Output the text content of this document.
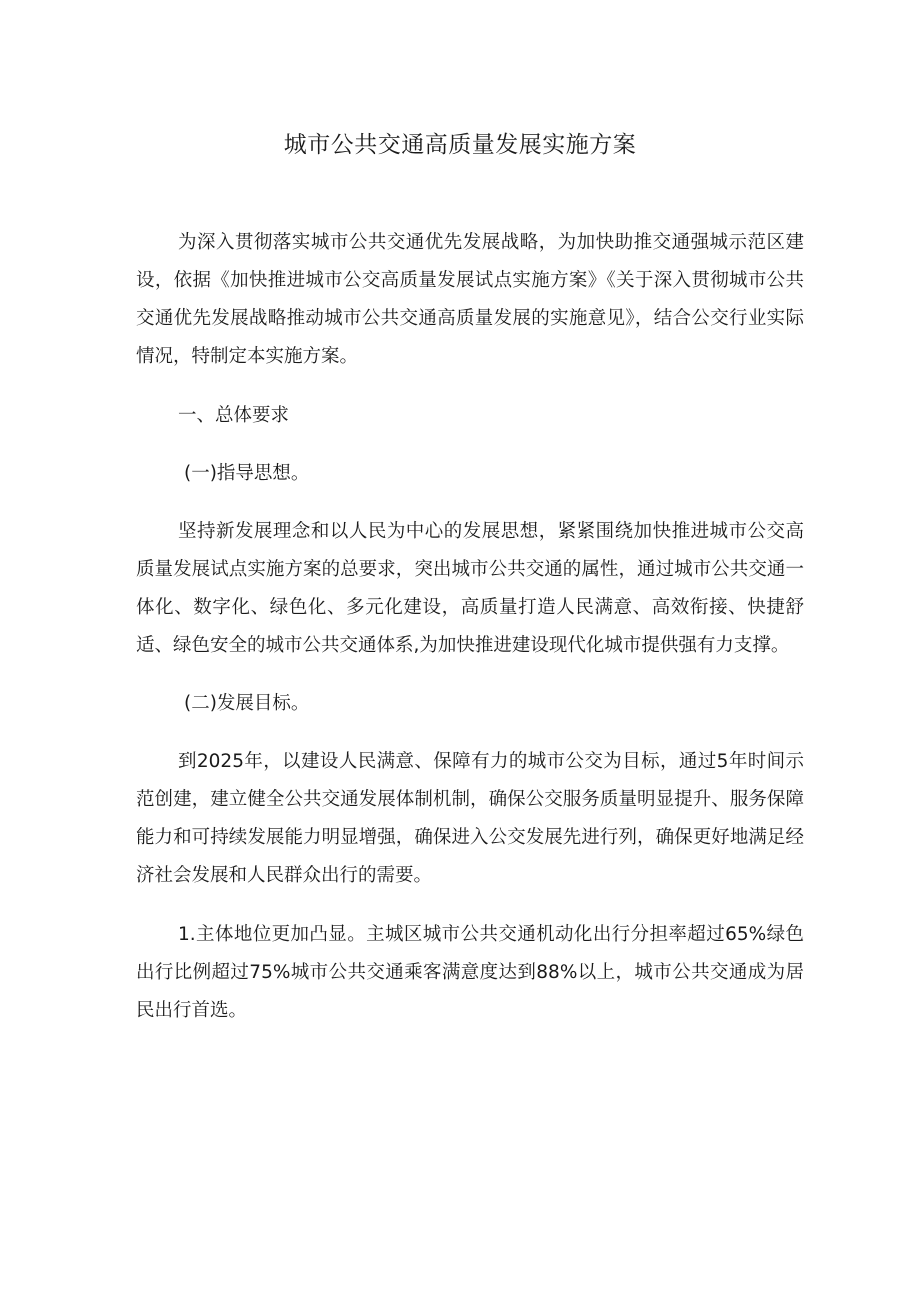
城市公共交通高质量发展实施方案

为深入贯彻落实城市公共交通优先发展战略，为加快助推交通强城示范区建设，依据《加快推进城市公交高质量发展试点实施方案》《关于深入贯彻城市公共交通优先发展战略推动城市公共交通高质量发展的实施意见》，结合公交行业实际情况，特制定本实施方案。

一、总体要求

(一)指导思想。

坚持新发展理念和以人民为中心的发展思想，紧紧围绕加快推进城市公交高质量发展试点实施方案的总要求，突出城市公共交通的属性，通过城市公共交通一体化、数字化、绿色化、多元化建设，高质量打造人民满意、高效衔接、快捷舒适、绿色安全的城市公共交通体系,为加快推进建设现代化城市提供强有力支撑。

(二)发展目标。

到2025年，以建设人民满意、保障有力的城市公交为目标，通过5年时间示范创建，建立健全公共交通发展体制机制，确保公交服务质量明显提升、服务保障能力和可持续发展能力明显增强，确保进入公交发展先进行列，确保更好地满足经济社会发展和人民群众出行的需要。

1.主体地位更加凸显。主城区城市公共交通机动化出行分担率超过65%绿色出行比例超过75%城市公共交通乘客满意度达到88%以上，城市公共交通成为居民出行首选。
